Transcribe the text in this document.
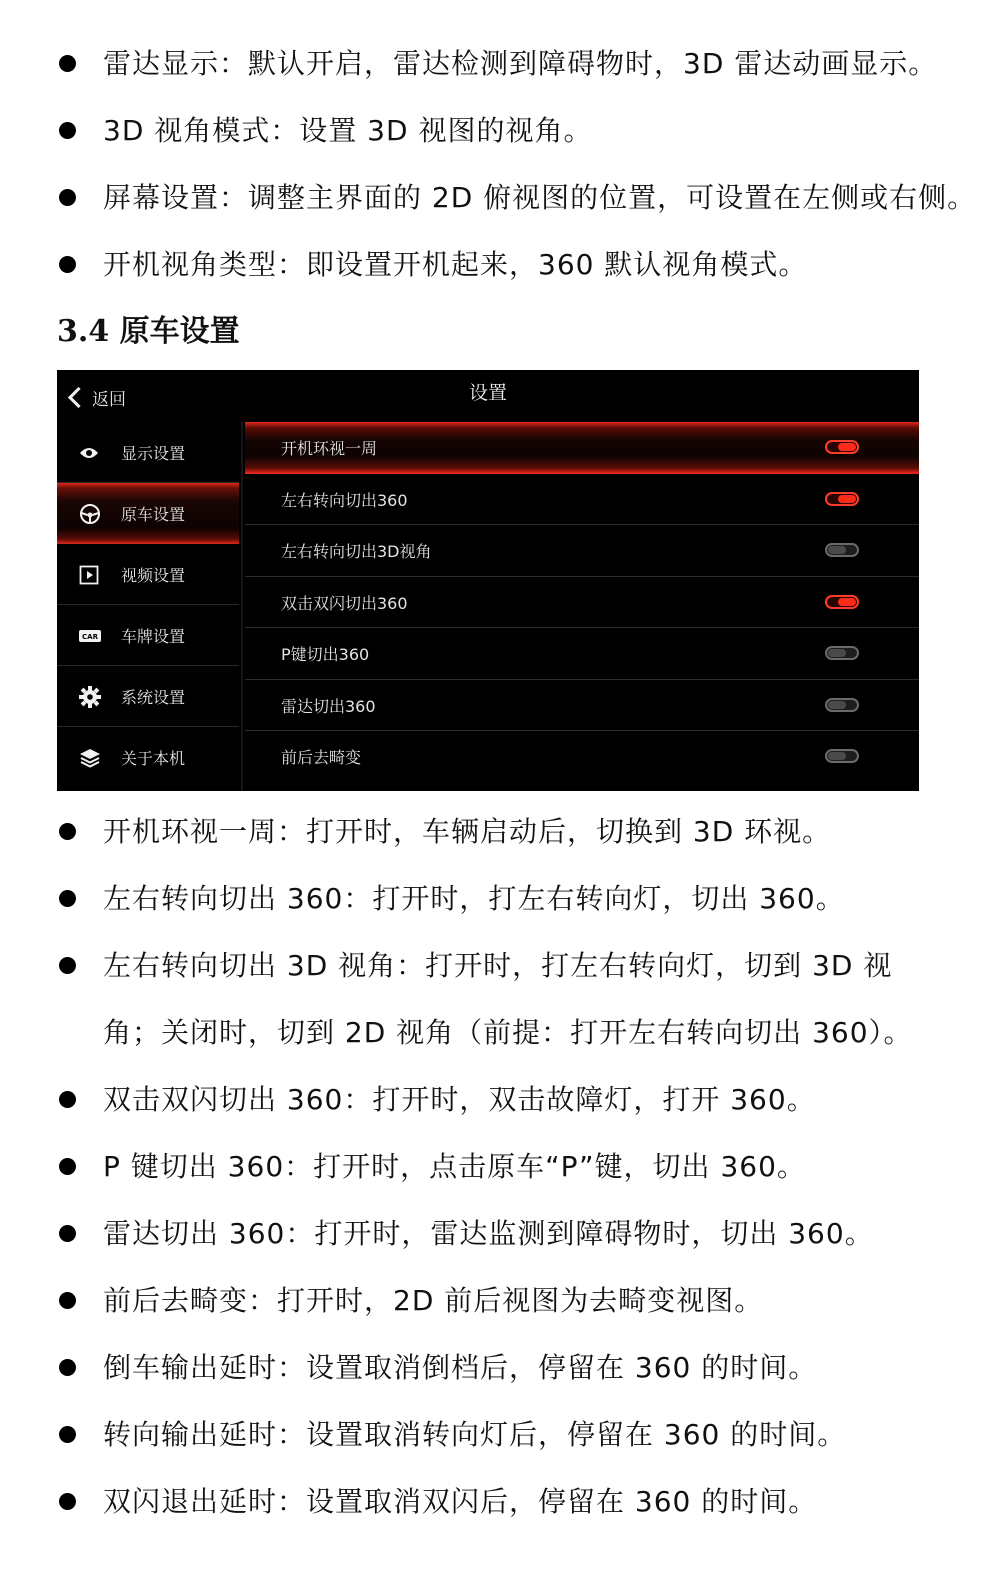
雷达显示：默认开启，雷达检测到障碍物时，3D 雷达动画显示。
3D 视角模式：设置 3D 视图的视角。
屏幕设置：调整主界面的 2D 俯视图的位置，可设置在左侧或右侧。
开机视角类型：即设置开机起来，360 默认视角模式。
3.4 原车设置
返回	设置
显示设置
原车设置
视频设置
CAR 车牌设置
系统设置
关于本机
开机环视一周
左右转向切出360
左右转向切出3D视角
双击双闪切出360
P键切出360
雷达切出360
前后去畸变
开机环视一周：打开时，车辆启动后，切换到 3D 环视。
左右转向切出 360：打开时，打左右转向灯，切出 360。
左右转向切出 3D 视角：打开时，打左右转向灯，切到 3D 视
角；关闭时，切到 2D 视角（前提：打开左右转向切出 360）。
双击双闪切出 360：打开时，双击故障灯，打开 360。
P 键切出 360：打开时，点击原车“P”键，切出 360。
雷达切出 360：打开时，雷达监测到障碍物时，切出 360。
前后去畸变：打开时，2D 前后视图为去畸变视图。
倒车输出延时：设置取消倒档后，停留在 360 的时间。
转向输出延时：设置取消转向灯后，停留在 360 的时间。
双闪退出延时：设置取消双闪后，停留在 360 的时间。
